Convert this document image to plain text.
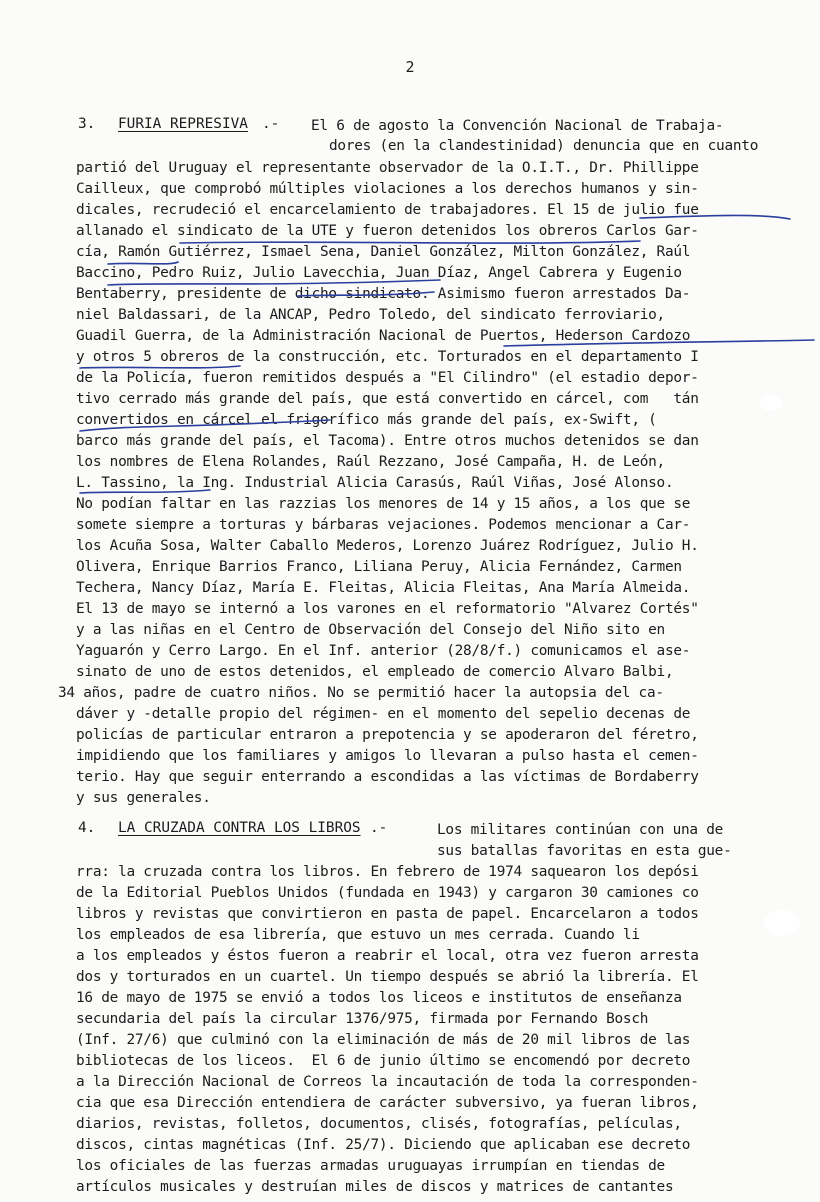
2
3. FURIA REPRESIVA .- El 6 de agosto la Convención Nacional de Trabaja-
dores (en la clandestinidad) denuncia que en cuanto
partió del Uruguay el representante observador de la O.I.T., Dr. Phillippe
Cailleux, que comprobó múltiples violaciones a los derechos humanos y sin-
dicales, recrudeció el encarcelamiento de trabajadores. El 15 de julio fue
allanado el sindicato de la UTE y fueron detenidos los obreros Carlos Gar-
cía, Ramón Gutiérrez, Ismael Sena, Daniel González, Milton González, Raúl
Baccino, Pedro Ruiz, Julio Lavecchia, Juan Díaz, Angel Cabrera y Eugenio
Bentaberry, presidente de dicho sindicato. Asimismo fueron arrestados Da-
niel Baldassari, de la ANCAP, Pedro Toledo, del sindicato ferroviario,
Guadil Guerra, de la Administración Nacional de Puertos, Hederson Cardozo
y otros 5 obreros de la construcción, etc. Torturados en el departamento I
de la Policía, fueron remitidos después a "El Cilindro" (el estadio depor-
tivo cerrado más grande del país, que está convertido en cárcel, com   tán
convertidos en cárcel el frigorífico más grande del país, ex-Swift, (
barco más grande del país, el Tacoma). Entre otros muchos detenidos se dan
los nombres de Elena Rolandes, Raúl Rezzano, José Campaña, H. de León,
L. Tassino, la Ing. Industrial Alicia Carasús, Raúl Viñas, José Alonso.
No podían faltar en las razzias los menores de 14 y 15 años, a los que se
somete siempre a torturas y bárbaras vejaciones. Podemos mencionar a Car-
los Acuña Sosa, Walter Caballo Mederos, Lorenzo Juárez Rodríguez, Julio H.
Olivera, Enrique Barrios Franco, Liliana Peruy, Alicia Fernández, Carmen
Techera, Nancy Díaz, María E. Fleitas, Alicia Fleitas, Ana María Almeida.
El 13 de mayo se internó a los varones en el reformatorio "Alvarez Cortés"
y a las niñas en el Centro de Observación del Consejo del Niño sito en
Yaguarón y Cerro Largo. En el Inf. anterior (28/8/f.) comunicamos el ase-
sinato de uno de estos detenidos, el empleado de comercio Alvaro Balbi,
34 años, padre de cuatro niños. No se permitió hacer la autopsia del ca-
dáver y -detalle propio del régimen- en el momento del sepelio decenas de
policías de particular entraron a prepotencia y se apoderaron del féretro,
impidiendo que los familiares y amigos lo llevaran a pulso hasta el cemen-
terio. Hay que seguir enterrando a escondidas a las víctimas de Bordaberry
y sus generales.
4. LA CRUZADA CONTRA LOS LIBROS .-	Los militares continúan con una de
sus batallas favoritas en esta gue-
rra: la cruzada contra los libros. En febrero de 1974 saquearon los depósi
de la Editorial Pueblos Unidos (fundada en 1943) y cargaron 30 camiones co
libros y revistas que convirtieron en pasta de papel. Encarcelaron a todos
los empleados de esa librería, que estuvo un mes cerrada. Cuando li
a los empleados y éstos fueron a reabrir el local, otra vez fueron arresta
dos y torturados en un cuartel. Un tiempo después se abrió la librería. El
16 de mayo de 1975 se envió a todos los liceos e institutos de enseñanza
secundaria del país la circular 1376/975, firmada por Fernando Bosch
(Inf. 27/6) que culminó con la eliminación de más de 20 mil libros de las
bibliotecas de los liceos.  El 6 de junio último se encomendó por decreto
a la Dirección Nacional de Correos la incautación de toda la corresponden-
cia que esa Dirección entendiera de carácter subversivo, ya fueran libros,
diarios, revistas, folletos, documentos, clisés, fotografías, películas,
discos, cintas magnéticas (Inf. 25/7). Diciendo que aplicaban ese decreto
los oficiales de las fuerzas armadas uruguayas irrumpían en tiendas de
artículos musicales y destruían miles de discos y matrices de cantantes
